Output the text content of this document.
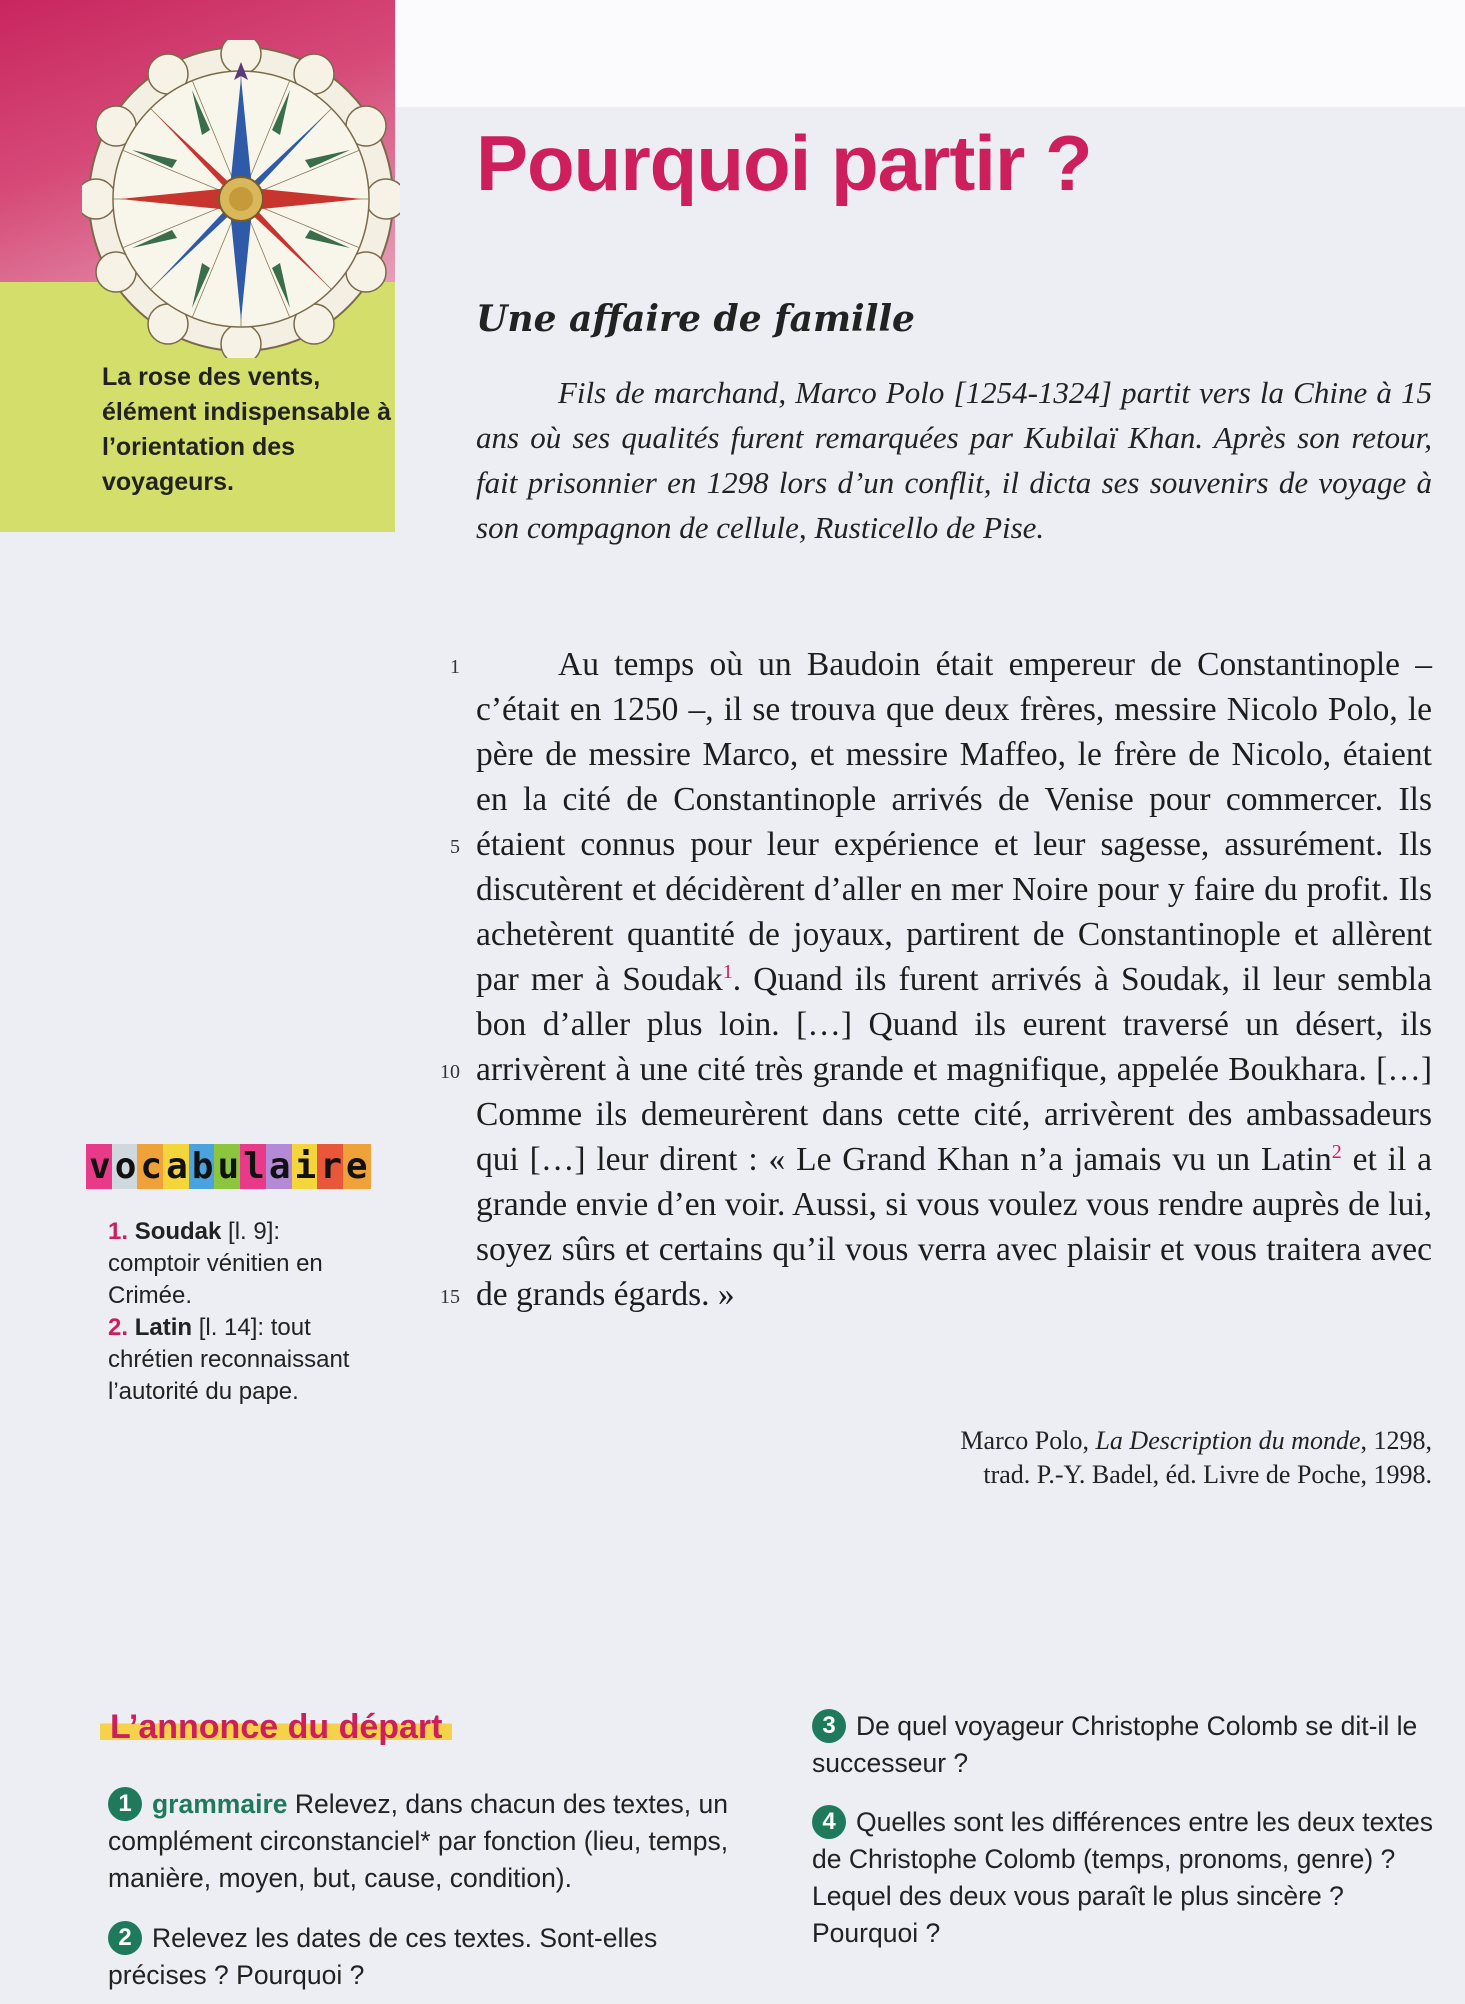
La rose des vents, élément indispensable à l’orientation des voyageurs.

Pourquoi partir ?
Une affaire de famille

Fils de marchand, Marco Polo [1254-1324] partit vers la Chine à 15 ans où ses qualités furent remarquées par Kubilaï Khan. Après son retour, fait prisonnier en 1298 lors d’un conflit, il dicta ses souvenirs de voyage à son compagnon de cellule, Rusticello de Pise.

1
5
10
15

Au temps où un Baudoin était empereur de Constantinople – c’était en 1250 –, il se trouva que deux frères, messire Nicolo Polo, le père de messire Marco, et messire Maffeo, le frère de Nicolo, étaient en la cité de Constantinople arrivés de Venise pour commercer. Ils étaient connus pour leur expérience et leur sagesse, assurément. Ils discutèrent et décidèrent d’aller en mer Noire pour y faire du profit. Ils achetèrent quantité de joyaux, partirent de Constantinople et allèrent par mer à Soudak$^1$. Quand ils furent arrivés à Soudak, il leur sembla bon d’aller plus loin. […] Quand ils eurent traversé un désert, ils arrivèrent à une cité très grande et magnifique, appelée Boukhara. […] Comme ils demeurèrent dans cette cité, arrivèrent des ambassadeurs qui […] leur dirent : « Le Grand Khan n’a jamais vu un Latin$^2$ et il a grande envie d’en voir. Aussi, si vous voulez vous rendre auprès de lui, soyez sûrs et certains qu’il vous verra avec plaisir et vous traitera avec de grands égards. »

Marco Polo, La Description du monde, 1298,
trad. P.-Y. Badel, éd. Livre de Poche, 1998.

v o c a b u l a i r e
1. Soudak [l. 9]:
comptoir vénitien en Crimée.
2. Latin [l. 14]: tout chrétien reconnaissant l’autorité du pape.
L’annonce du départ

1 grammaire Relevez, dans chacun des textes, un complément circonstanciel* par fonction (lieu, temps, manière, moyen, but, cause, condition).

2 Relevez les dates de ces textes. Sont-elles précises ? Pourquoi ?

3 De quel voyageur Christophe Colomb se dit-il le successeur ?

4 Quelles sont les différences entre les deux textes de Christophe Colomb (temps, pronoms, genre) ? Lequel des deux vous paraît le plus sincère ? Pourquoi ?
